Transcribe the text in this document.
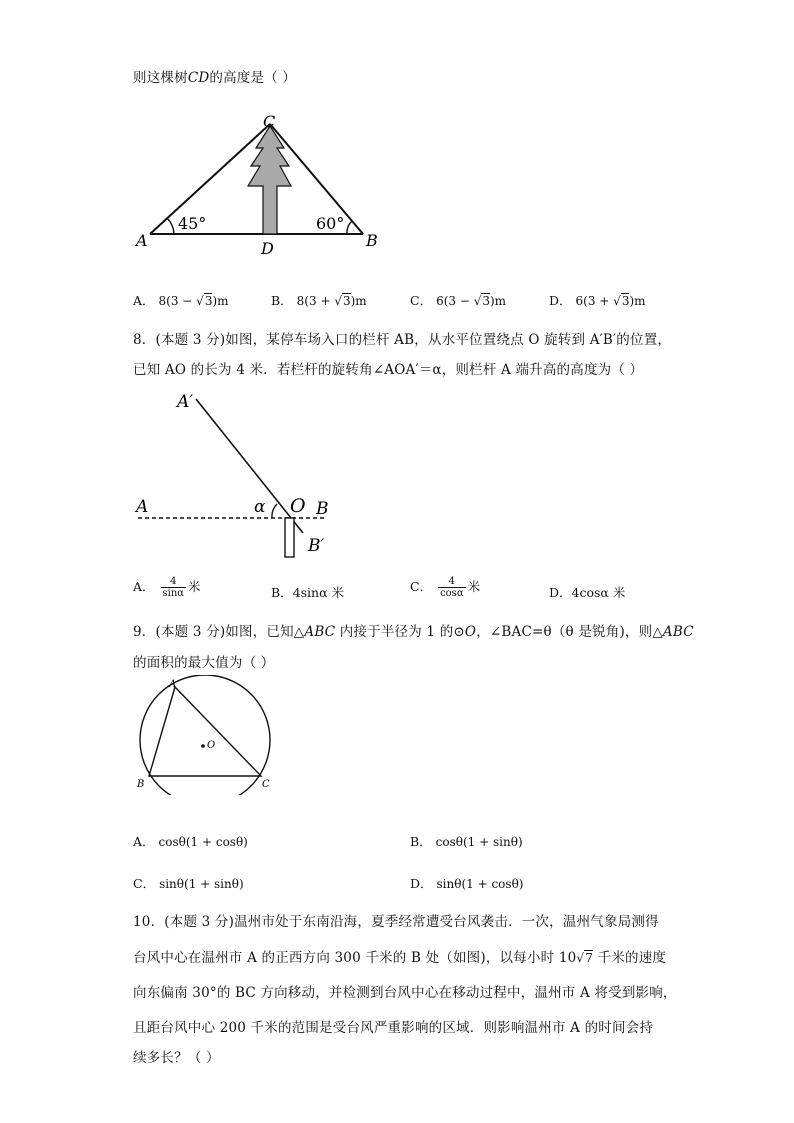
则这棵树CD的高度是（ ）
C
A	B
D
45°	60°
A． 8(3 − √3)m	B． 8(3 + √3)m	C． 6(3 − √3)m	D． 6(3 + √3)m
8．(本题 3 分)如图，某停车场入口的栏杆 AB，从水平位置绕点 O 旋转到 A′B′的位置，
已知 AO 的长为 4 米．若栏杆的旋转角∠AOA′＝α，则栏杆 A 端升高的高度为（ ）
A′
A	α O B
B′
A． $\frac{4}{\sin\alpha}$ 米	B．4sinα 米	C． $\frac{4}{\cos\alpha}$ 米	D．4cosα 米
9．(本题 3 分)如图，已知△ABC 内接于半径为 1 的⊙O，∠BAC=θ（θ 是锐角)，则△ABC
的面积的最大值为（ ）
A
B	C
O
A． cosθ(1 + cosθ)	B． cosθ(1 + sinθ)
C． sinθ(1 + sinθ)	D． sinθ(1 + cosθ)
10．(本题 3 分)温州市处于东南沿海，夏季经常遭受台风袭击．一次，温州气象局测得
台风中心在温州市 A 的正西方向 300 千米的 B 处（如图)，以每小时 10√7 千米的速度
向东偏南 30°的 BC 方向移动，并检测到台风中心在移动过程中，温州市 A 将受到影响，
且距台风中心 200 千米的范围是受台风严重影响的区域．则影响温州市 A 的时间会持
续多长？（ ）
